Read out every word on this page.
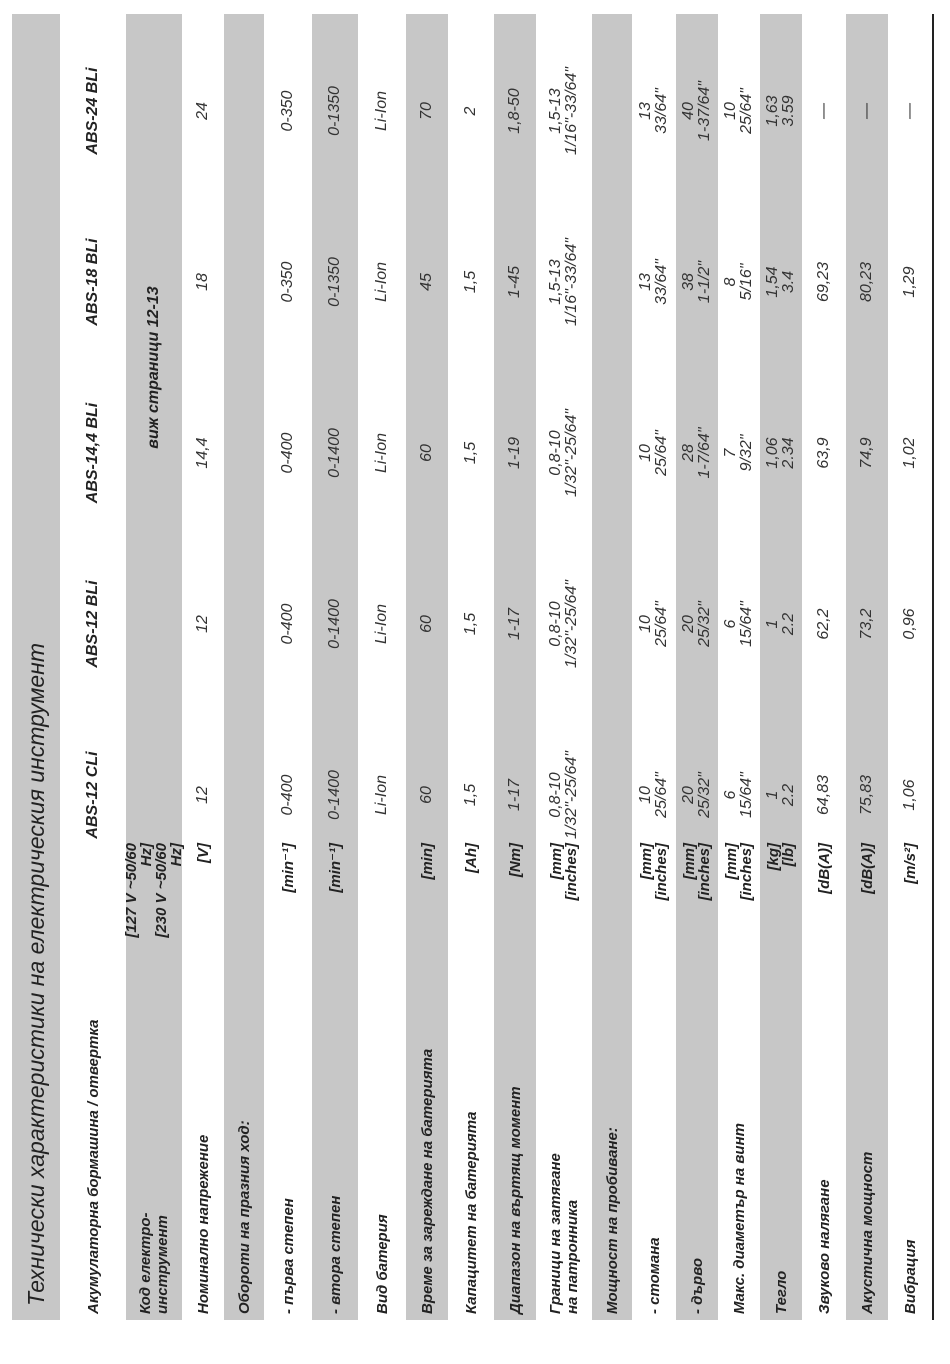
Технически характеристики на електрическия инструмент	Акумулаторна бормашина / отвертка
ABS-12 CLi
ABS-12 BLi
ABS-14,4 BLi
ABS-18 BLi
ABS-24 BLi
Код електро- инструмент
[127 V ~50/60 Hz]
[230 V ~50/60 Hz]
виж страници 12-13
Номинално напрежение
[V]
12
12
14,4
18
24
Обороти на празния ход: - първа степен
[min⁻¹]
0-400
0-400
0-400
0-350
0-350
- втора степен
[min⁻¹]
0-1400
0-1400
0-1400
0-1350
0-1350
Вид батерия
Li-Ion
Li-Ion
Li-Ion
Li-Ion
Li-Ion
Време за зареждане на батерията
[min]
60
60
60
45
70
Капацитет на батерията
[Ah]
1,5
1,5
1,5
1,5
2
Диапазон на въртящ момент
[Nm]
1-17
1-17
1-19
1-45
1,8-50
Граници на затягане на патронника
[mm]
[inches]
0,8-10 1/32"-25/64"
0,8-10 1/32"-25/64"
0,8-10 1/32"-25/64"
1,5-13 1/16"-33/64"
1,5-13 1/16"-33/64"
Мощност на пробиване: - стомана
[mm]
[inches]
10 25/64"
10 25/64"
10 25/64"
13 33/64"
13 33/64"
- дърво
[mm]
[inches]
20 25/32"
20 25/32"
28 1-7/64"
38 1-1/2"
40 1-37/64"
Макс. диаметър на винт
[mm]
[inches]
6 15/64"
6 15/64"
7 9/32"
8 5/16"
10 25/64"
Тегло
[kg]
[lb]
1 2.2
1 2.2
1,06 2.34
1,54 3.4
1,63 3.59
Звуково налягане
[dB(A)]
64,83
62,2
63,9
69,23
—
Акустична мощност
[dB(A)]
75,83
73,2
74,9
80,23
—
Вибрация
[m/s²]
1,06
0,96
1,02
1,29
—
